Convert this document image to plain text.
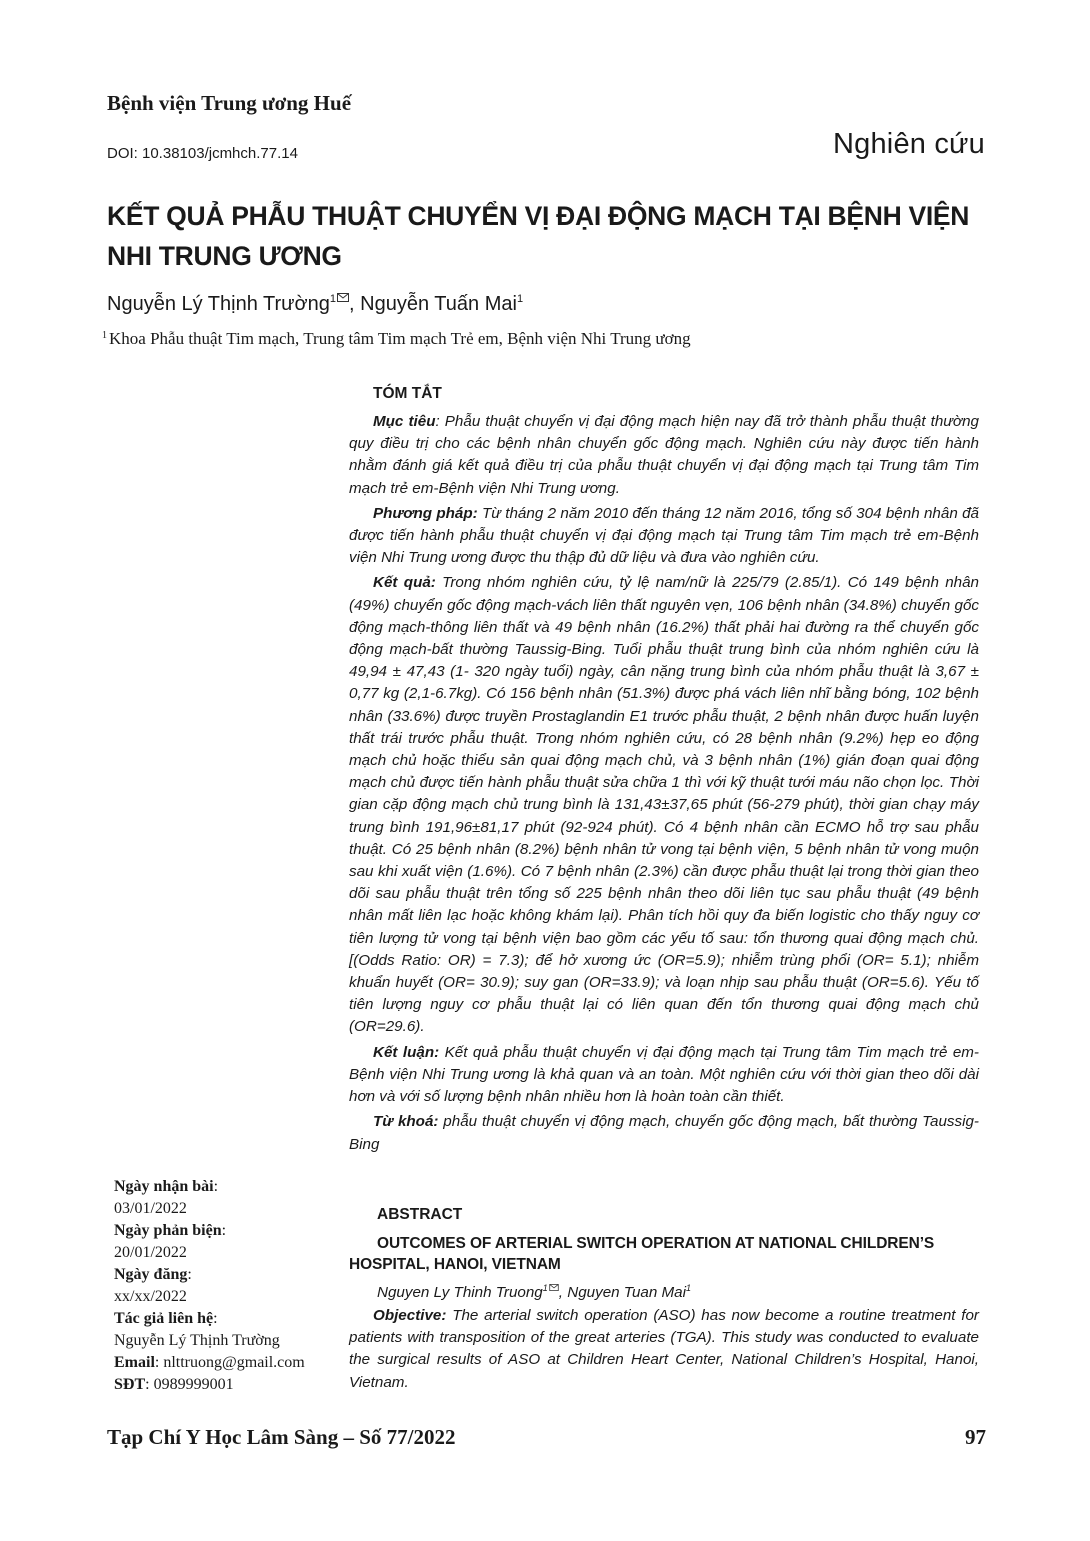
Bệnh viện Trung ương Huế
DOI: 10.38103/jcmhch.77.14	Nghiên cứu
KẾT QUẢ PHẪU THUẬT CHUYỂN VỊ ĐẠI ĐỘNG MẠCH TẠI BỆNH VIỆN
NHI TRUNG ƯƠNG
Nguyễn Lý Thịnh Trường$^1$ , Nguyễn Tuấn Mai$^1$
$^1$ Khoa Phẫu thuật Tim mạch, Trung tâm Tim mạch Trẻ em, Bệnh viện Nhi Trung ương
TÓM TẮT

Mục tiêu: Phẫu thuật chuyển vị đại động mạch hiện nay đã trở thành phẫu thuật thường quy điều trị cho các bệnh nhân chuyển gốc động mạch. Nghiên cứu này được tiến hành nhằm đánh giá kết quả điều trị của phẫu thuật chuyển vị đại động mạch tại Trung tâm Tim mạch trẻ em-Bệnh viện Nhi Trung ương.

Phương pháp: Từ tháng 2 năm 2010 đến tháng 12 năm 2016, tổng số 304 bệnh nhân đã được tiến hành phẫu thuật chuyển vị đại động mạch tại Trung tâm Tim mạch trẻ em-Bệnh viện Nhi Trung ương được thu thập đủ dữ liệu và đưa vào nghiên cứu.

Kết quả: Trong nhóm nghiên cứu, tỷ lệ nam/nữ là 225/79 (2.85/1). Có 149 bệnh nhân (49%) chuyển gốc động mạch-vách liên thất nguyên vẹn, 106 bệnh nhân (34.8%) chuyển gốc động mạch-thông liên thất và 49 bệnh nhân (16.2%) thất phải hai đường ra thể chuyển gốc động mạch-bất thường Taussig-Bing. Tuổi phẫu thuật trung bình của nhóm nghiên cứu là 49,94 ± 47,43 (1- 320 ngày tuổi) ngày, cân nặng trung bình của nhóm phẫu thuật là 3,67 ± 0,77 kg (2,1-6.7kg). Có 156 bệnh nhân (51.3%) được phá vách liên nhĩ bằng bóng, 102 bệnh nhân (33.6%) được truyền Prostaglandin E1 trước phẫu thuật, 2 bệnh nhân được huấn luyện thất trái trước phẫu thuật. Trong nhóm nghiên cứu, có 28 bệnh nhân (9.2%) hẹp eo động mạch chủ hoặc thiểu sản quai động mạch chủ, và 3 bệnh nhân (1%) gián đoạn quai động mạch chủ được tiến hành phẫu thuật sửa chữa 1 thì với kỹ thuật tưới máu não chọn lọc. Thời gian cặp động mạch chủ trung bình là 131,43±37,65 phút (56-279 phút), thời gian chạy máy trung bình 191,96±81,17 phút (92-924 phút). Có 4 bệnh nhân cần ECMO hỗ trợ sau phẫu thuật. Có 25 bệnh nhân (8.2%) bệnh nhân tử vong tại bệnh viện, 5 bệnh nhân tử vong muộn sau khi xuất viện (1.6%). Có 7 bệnh nhân (2.3%) cần được phẫu thuật lại trong thời gian theo dõi sau phẫu thuật trên tổng số 225 bệnh nhân theo dõi liên tục sau phẫu thuật (49 bệnh nhân mất liên lạc hoặc không khám lại). Phân tích hồi quy đa biến logistic cho thấy nguy cơ tiên lượng tử vong tại bệnh viện bao gồm các yếu tố sau: tổn thương quai động mạch chủ. [(Odds Ratio: OR) = 7.3); để hở xương ức (OR=5.9); nhiễm trùng phổi (OR= 5.1); nhiễm khuẩn huyết (OR= 30.9); suy gan (OR=33.9); và loạn nhịp sau phẫu thuật (OR=5.6). Yếu tố tiên lượng nguy cơ phẫu thuật lại có liên quan đến tổn thương quai động mạch chủ (OR=29.6).

Kết luận: Kết quả phẫu thuật chuyển vị đại động mạch tại Trung tâm Tim mạch trẻ em-Bệnh viện Nhi Trung ương là khả quan và an toàn. Một nghiên cứu với thời gian theo dõi dài hơn và với số lượng bệnh nhân nhiều hơn là hoàn toàn cần thiết.

Từ khoá: phẫu thuật chuyển vị động mạch, chuyển gốc động mạch, bất thường Taussig-Bing

ABSTRACT
OUTCOMES OF ARTERIAL SWITCH OPERATION AT NATIONAL CHILDREN’S HOSPITAL, HANOI, VIETNAM
Nguyen Ly Thinh Truong$^1$ , Nguyen Tuan Mai$^1$

Objective: The arterial switch operation (ASO) has now become a routine treatment for patients with transposition of the great arteries (TGA). This study was conducted to evaluate the surgical results of ASO at Children Heart Center, National Children’s Hospital, Hanoi, Vietnam.

Ngày nhận bài:
03/01/2022
Ngày phản biện:
20/01/2022
Ngày đăng:
xx/xx/2022
Tác giả liên hệ:
Nguyễn Lý Thịnh Trường
Email: nlttruong@gmail.com
SĐT: 0989999001
Tạp Chí Y Học Lâm Sàng – Số 77/2022	97
